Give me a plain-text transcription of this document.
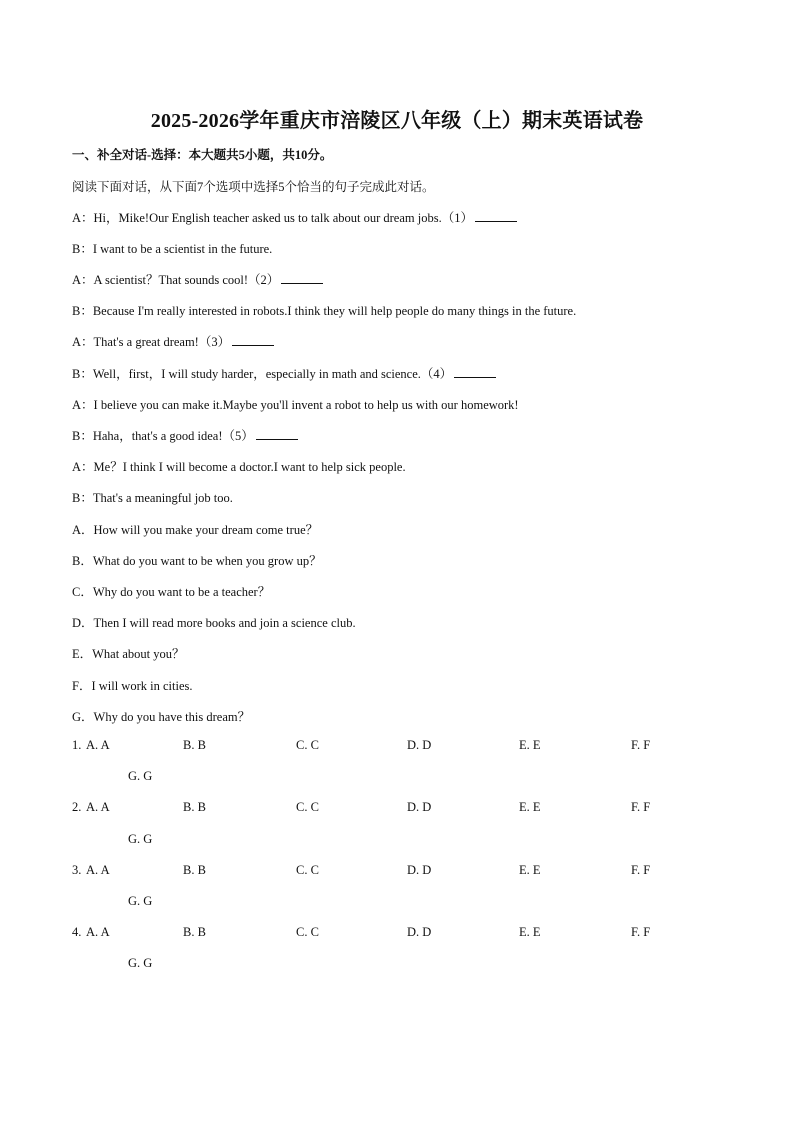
2025-2026学年重庆市涪陵区八年级（上）期末英语试卷
一、补全对话-选择：本大题共5小题，共10分。
阅读下面对话，从下面7个选项中选择5个恰当的句子完成此对话。
A：Hi，Mike!Our English teacher asked us to talk about our dream jobs.（1）
B：I want to be a scientist in the future.
A：A scientist？That sounds cool!（2）
B：Because I'm really interested in robots.I think they will help people do many things in the future.
A：That's a great dream!（3）
B：Well，first，I will study harder，especially in math and science.（4）
A：I believe you can make it.Maybe you'll invent a robot to help us with our homework!
B：Haha，that's a good idea!（5）
A：Me？I think I will become a doctor.I want to help sick people.
B：That's a meaningful job too.
A．How will you make your dream come true？
B．What do you want to be when you grow up？
C．Why do you want to be a teacher？
D．Then I will read more books and join a science club.
E．What about you？
F．I will work in cities.
G．Why do you have this dream？
1. A. A	B. B	C. C	D. D	E. E	F. F
G. G
2. A. A	B. B	C. C	D. D	E. E	F. F
G. G
3. A. A	B. B	C. C	D. D	E. E	F. F
G. G
4. A. A	B. B	C. C	D. D	E. E	F. F
G. G
